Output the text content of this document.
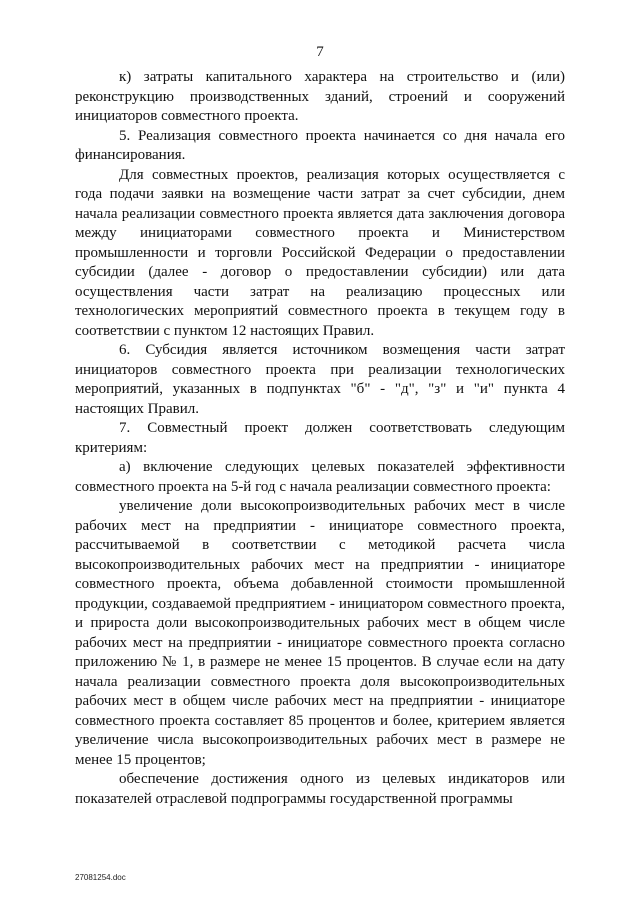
7

к) затраты капитального характера на строительство и (или) реконструкцию производственных зданий, строений и сооружений инициаторов совместного проекта.

5. Реализация совместного проекта начинается со дня начала его финансирования.

Для совместных проектов, реализация которых осуществляется с года подачи заявки на возмещение части затрат за счет субсидии, днем начала реализации совместного проекта является дата заключения договора между инициаторами совместного проекта и Министерством промышленности и торговли Российской Федерации о предоставлении субсидии (далее - договор о предоставлении субсидии) или дата осуществления части затрат на реализацию процессных или технологических мероприятий совместного проекта в текущем году в соответствии с пунктом 12 настоящих Правил.

6. Субсидия является источником возмещения части затрат инициаторов совместного проекта при реализации технологических мероприятий, указанных в подпунктах "б" - "д", "з" и "и" пункта 4 настоящих Правил.

7. Совместный проект должен соответствовать следующим критериям:

а) включение следующих целевых показателей эффективности совместного проекта на 5-й год с начала реализации совместного проекта:

увеличение доли высокопроизводительных рабочих мест в числе рабочих мест на предприятии - инициаторе совместного проекта, рассчитываемой в соответствии с методикой расчета числа высокопроизводительных рабочих мест на предприятии - инициаторе совместного проекта, объема добавленной стоимости промышленной продукции, создаваемой предприятием - инициатором совместного проекта, и прироста доли высокопроизводительных рабочих мест в общем числе рабочих мест на предприятии - инициаторе совместного проекта согласно приложению № 1, в размере не менее 15 процентов. В случае если на дату начала реализации совместного проекта доля высокопроизводительных рабочих мест в общем числе рабочих мест на предприятии - инициаторе совместного проекта составляет 85 процентов и более, критерием является увеличение числа высокопроизводительных рабочих мест в размере не менее 15 процентов;

обеспечение достижения одного из целевых индикаторов или показателей отраслевой подпрограммы государственной программы

27081254.doc
